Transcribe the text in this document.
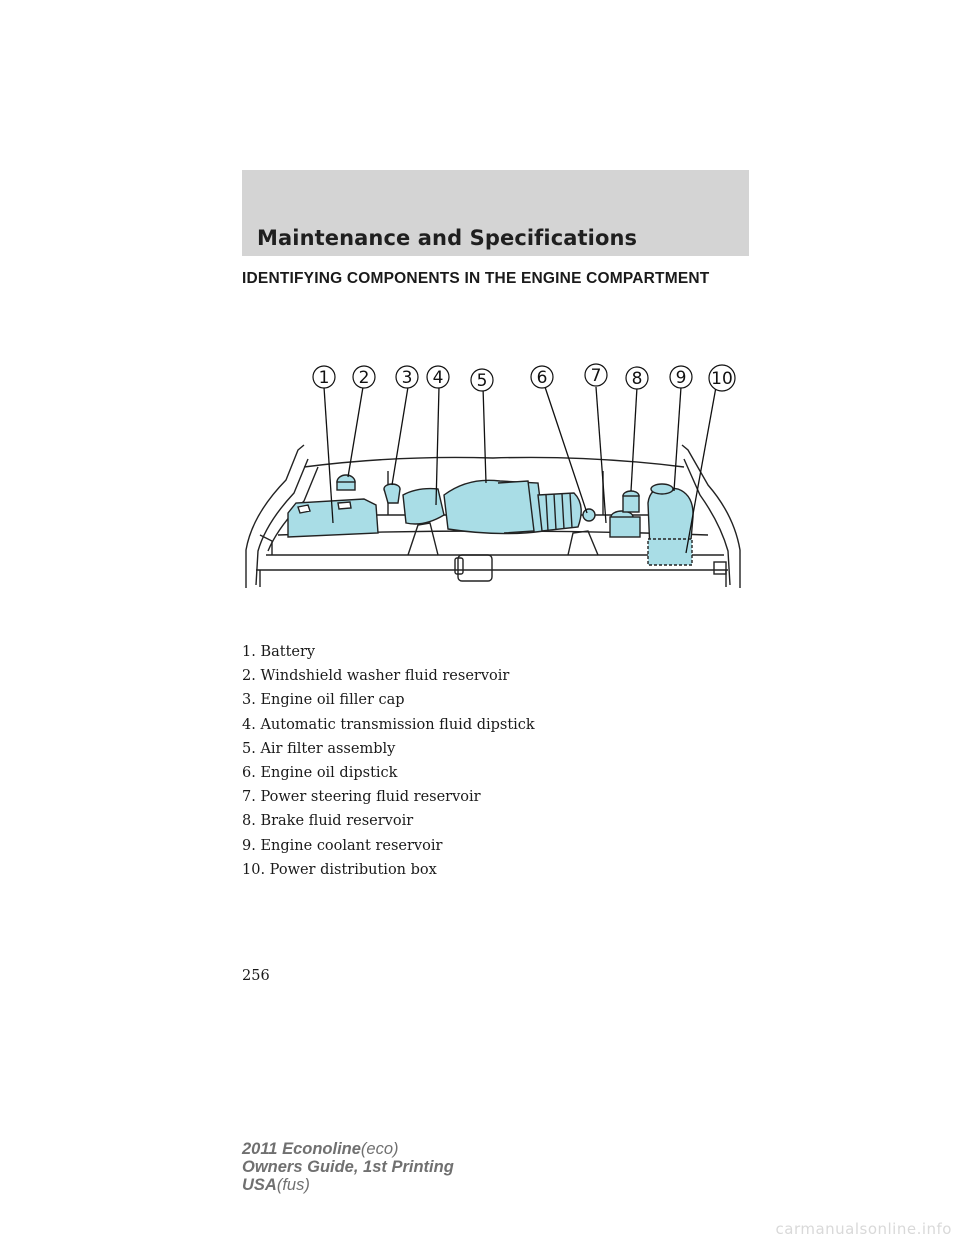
Maintenance and Specifications
IDENTIFYING COMPONENTS IN THE ENGINE COMPARTMENT
1 2 3 4 5	6	7 8 9 10
1. Battery
2. Windshield washer fluid reservoir
3. Engine oil filler cap
4. Automatic transmission fluid dipstick
5. Air filter assembly
6. Engine oil dipstick
7. Power steering fluid reservoir
8. Brake fluid reservoir
9. Engine coolant reservoir
10. Power distribution box
256
2011 Econoline(eco)
Owners Guide, 1st Printing
USA(fus)
carmanualsonline.info
